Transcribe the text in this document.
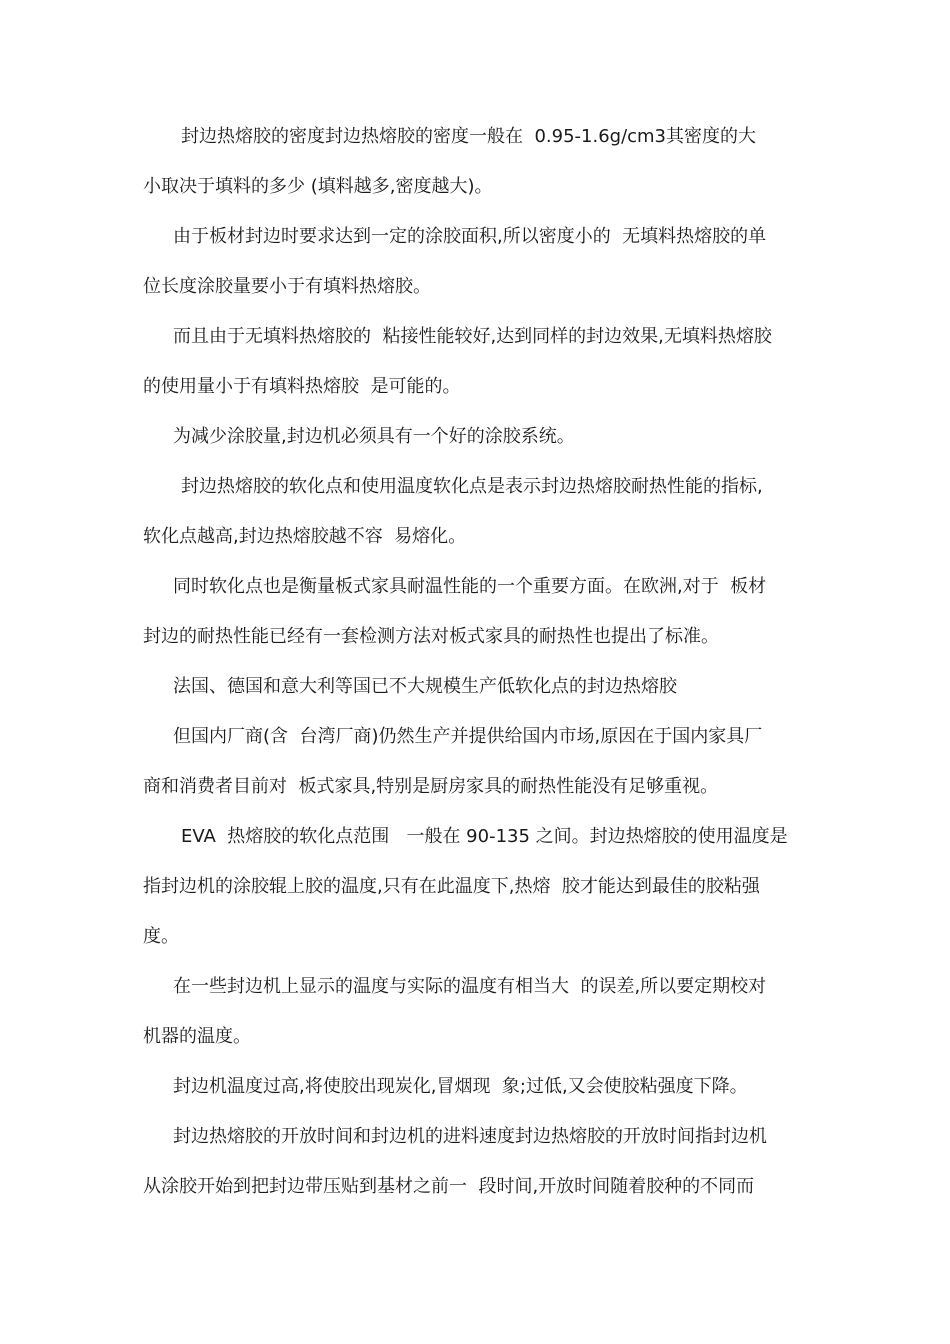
封边热熔胶的密度封边热熔胶的密度一般在  0.95-1.6g/cm3其密度的大
小取决于填料的多少 (填料越多,密度越大)。
由于板材封边时要求达到一定的涂胶面积,所以密度小的  无填料热熔胶的单
位长度涂胶量要小于有填料热熔胶。
而且由于无填料热熔胶的  粘接性能较好,达到同样的封边效果,无填料热熔胶
的使用量小于有填料热熔胶  是可能的。
为减少涂胶量,封边机必须具有一个好的涂胶系统。
封边热熔胶的软化点和使用温度软化点是表示封边热熔胶耐热性能的指标,
软化点越高,封边热熔胶越不容  易熔化。
同时软化点也是衡量板式家具耐温性能的一个重要方面。在欧洲,对于  板材
封边的耐热性能已经有一套检测方法对板式家具的耐热性也提出了标准。
法国、德国和意大利等国已不大规模生产低软化点的封边热熔胶
但国内厂商(含  台湾厂商)仍然生产并提供给国内市场,原因在于国内家具厂
商和消费者目前对  板式家具,特别是厨房家具的耐热性能没有足够重视。
EVA  热熔胶的软化点范围   一般在 90-135 之间。封边热熔胶的使用温度是
指封边机的涂胶辊上胶的温度,只有在此温度下,热熔  胶才能达到最佳的胶粘强
度。
在一些封边机上显示的温度与实际的温度有相当大  的误差,所以要定期校对
机器的温度。
封边机温度过高,将使胶出现炭化,冒烟现  象;过低,又会使胶粘强度下降。
封边热熔胶的开放时间和封边机的进料速度封边热熔胶的开放时间指封边机
从涂胶开始到把封边带压贴到基材之前一  段时间,开放时间随着胶种的不同而
